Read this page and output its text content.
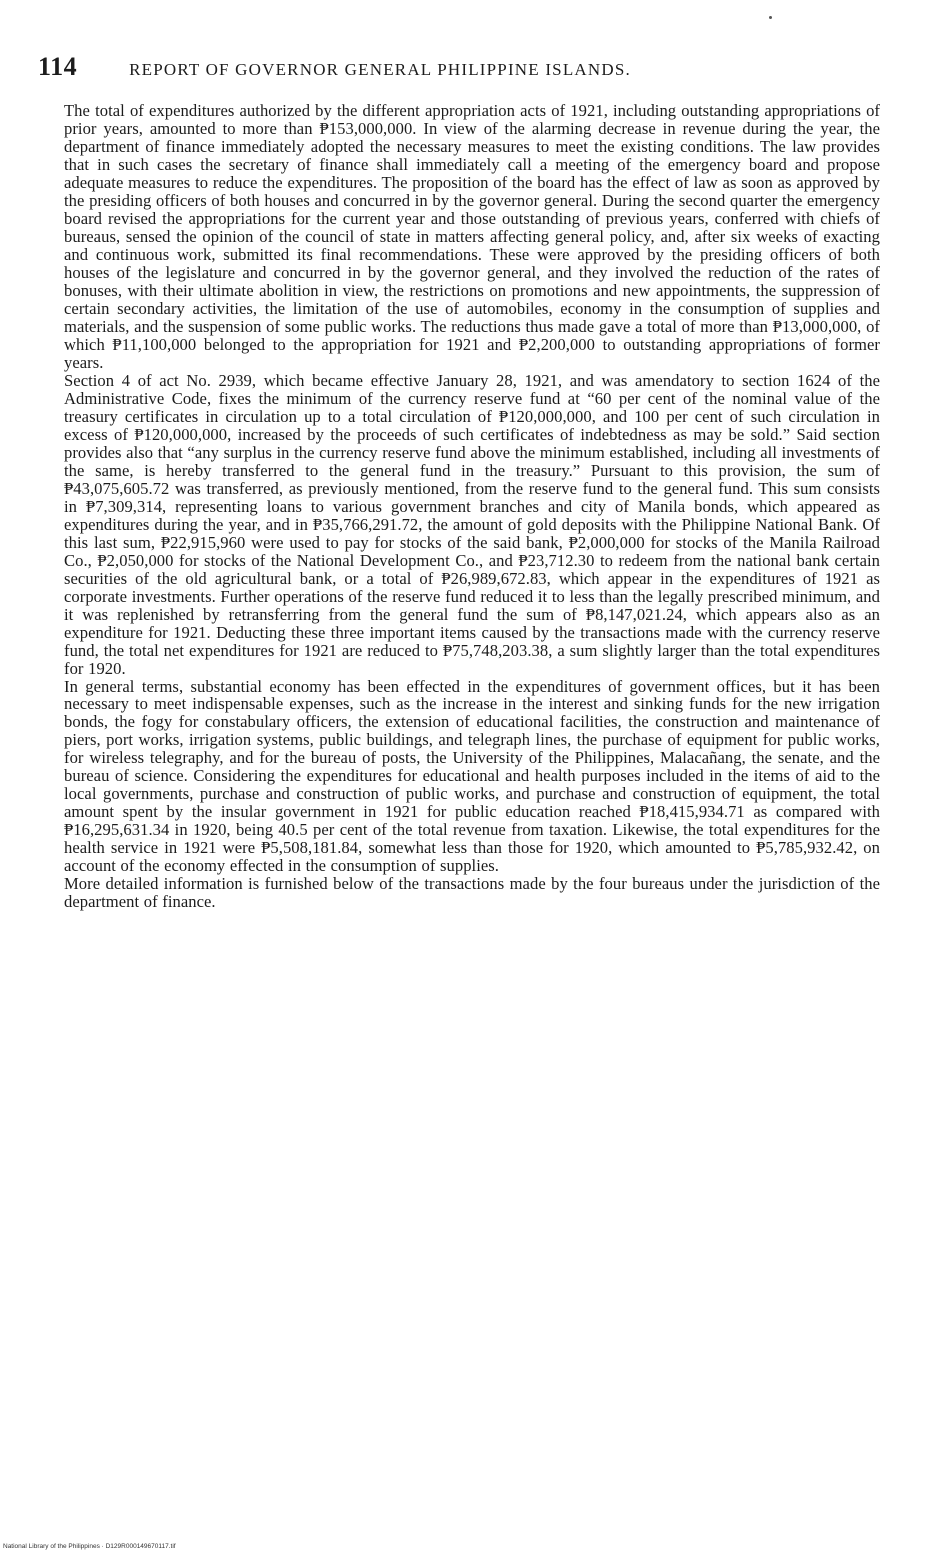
114	REPORT OF GOVERNOR GENERAL PHILIPPINE ISLANDS.

The total of expenditures authorized by the different appropriation acts of 1921, including outstanding appropriations of prior years, amounted to more than ₱153,000,000. In view of the alarming decrease in revenue during the year, the department of finance immediately adopted the necessary measures to meet the existing conditions. The law provides that in such cases the secretary of finance shall immediately call a meeting of the emergency board and propose adequate measures to reduce the expenditures. The proposition of the board has the effect of law as soon as approved by the presiding officers of both houses and concurred in by the governor general. During the second quarter the emergency board revised the appropriations for the current year and those outstanding of previous years, conferred with chiefs of bureaus, sensed the opinion of the council of state in matters affecting general policy, and, after six weeks of exacting and continuous work, submitted its final recommendations. These were approved by the presiding officers of both houses of the legislature and concurred in by the governor general, and they involved the reduction of the rates of bonuses, with their ultimate abolition in view, the restrictions on promotions and new appointments, the suppression of certain secondary activities, the limitation of the use of automobiles, economy in the consumption of supplies and materials, and the suspension of some public works. The reductions thus made gave a total of more than ₱13,000,000, of which ₱11,100,000 belonged to the appropriation for 1921 and ₱2,200,000 to outstanding appropriations of former years.

Section 4 of act No. 2939, which became effective January 28, 1921, and was amendatory to section 1624 of the Administrative Code, fixes the minimum of the currency reserve fund at “60 per cent of the nominal value of the treasury certificates in circulation up to a total circulation of ₱120,000,000, and 100 per cent of such circulation in excess of ₱120,000,000, increased by the proceeds of such certificates of indebtedness as may be sold.” Said section provides also that “any surplus in the currency reserve fund above the minimum established, including all investments of the same, is hereby transferred to the general fund in the treasury.” Pursuant to this provision, the sum of ₱43,075,605.72 was transferred, as previously mentioned, from the reserve fund to the general fund. This sum consists in ₱7,309,314, representing loans to various government branches and city of Manila bonds, which appeared as expenditures during the year, and in ₱35,766,291.72, the amount of gold deposits with the Philippine National Bank. Of this last sum, ₱22,915,960 were used to pay for stocks of the said bank, ₱2,000,000 for stocks of the Manila Railroad Co., ₱2,050,000 for stocks of the National Development Co., and ₱23,712.30 to redeem from the national bank certain securities of the old agricultural bank, or a total of ₱26,989,672.83, which appear in the expenditures of 1921 as corporate investments. Further operations of the reserve fund reduced it to less than the legally prescribed minimum, and it was replenished by retransferring from the general fund the sum of ₱8,147,021.24, which appears also as an expenditure for 1921. Deducting these three important items caused by the transactions made with the currency reserve fund, the total net expenditures for 1921 are reduced to ₱75,748,203.38, a sum slightly larger than the total expenditures for 1920.

In general terms, substantial economy has been effected in the expenditures of government offices, but it has been necessary to meet indispensable expenses, such as the increase in the interest and sinking funds for the new irrigation bonds, the fogy for constabulary officers, the extension of educational facilities, the construction and maintenance of piers, port works, irrigation systems, public buildings, and telegraph lines, the purchase of equipment for public works, for wireless telegraphy, and for the bureau of posts, the University of the Philippines, Malacañang, the senate, and the bureau of science. Considering the expenditures for educational and health purposes included in the items of aid to the local governments, purchase and construction of public works, and purchase and construction of equipment, the total amount spent by the insular government in 1921 for public education reached ₱18,415,934.71 as compared with ₱16,295,631.34 in 1920, being 40.5 per cent of the total revenue from taxation. Likewise, the total expenditures for the health service in 1921 were ₱5,508,181.84, somewhat less than those for 1920, which amounted to ₱5,785,932.42, on account of the economy effected in the consumption of supplies.

More detailed information is furnished below of the transactions made by the four bureaus under the jurisdiction of the department of finance.

National Library of the Philippines · D129R000149670117.tif
